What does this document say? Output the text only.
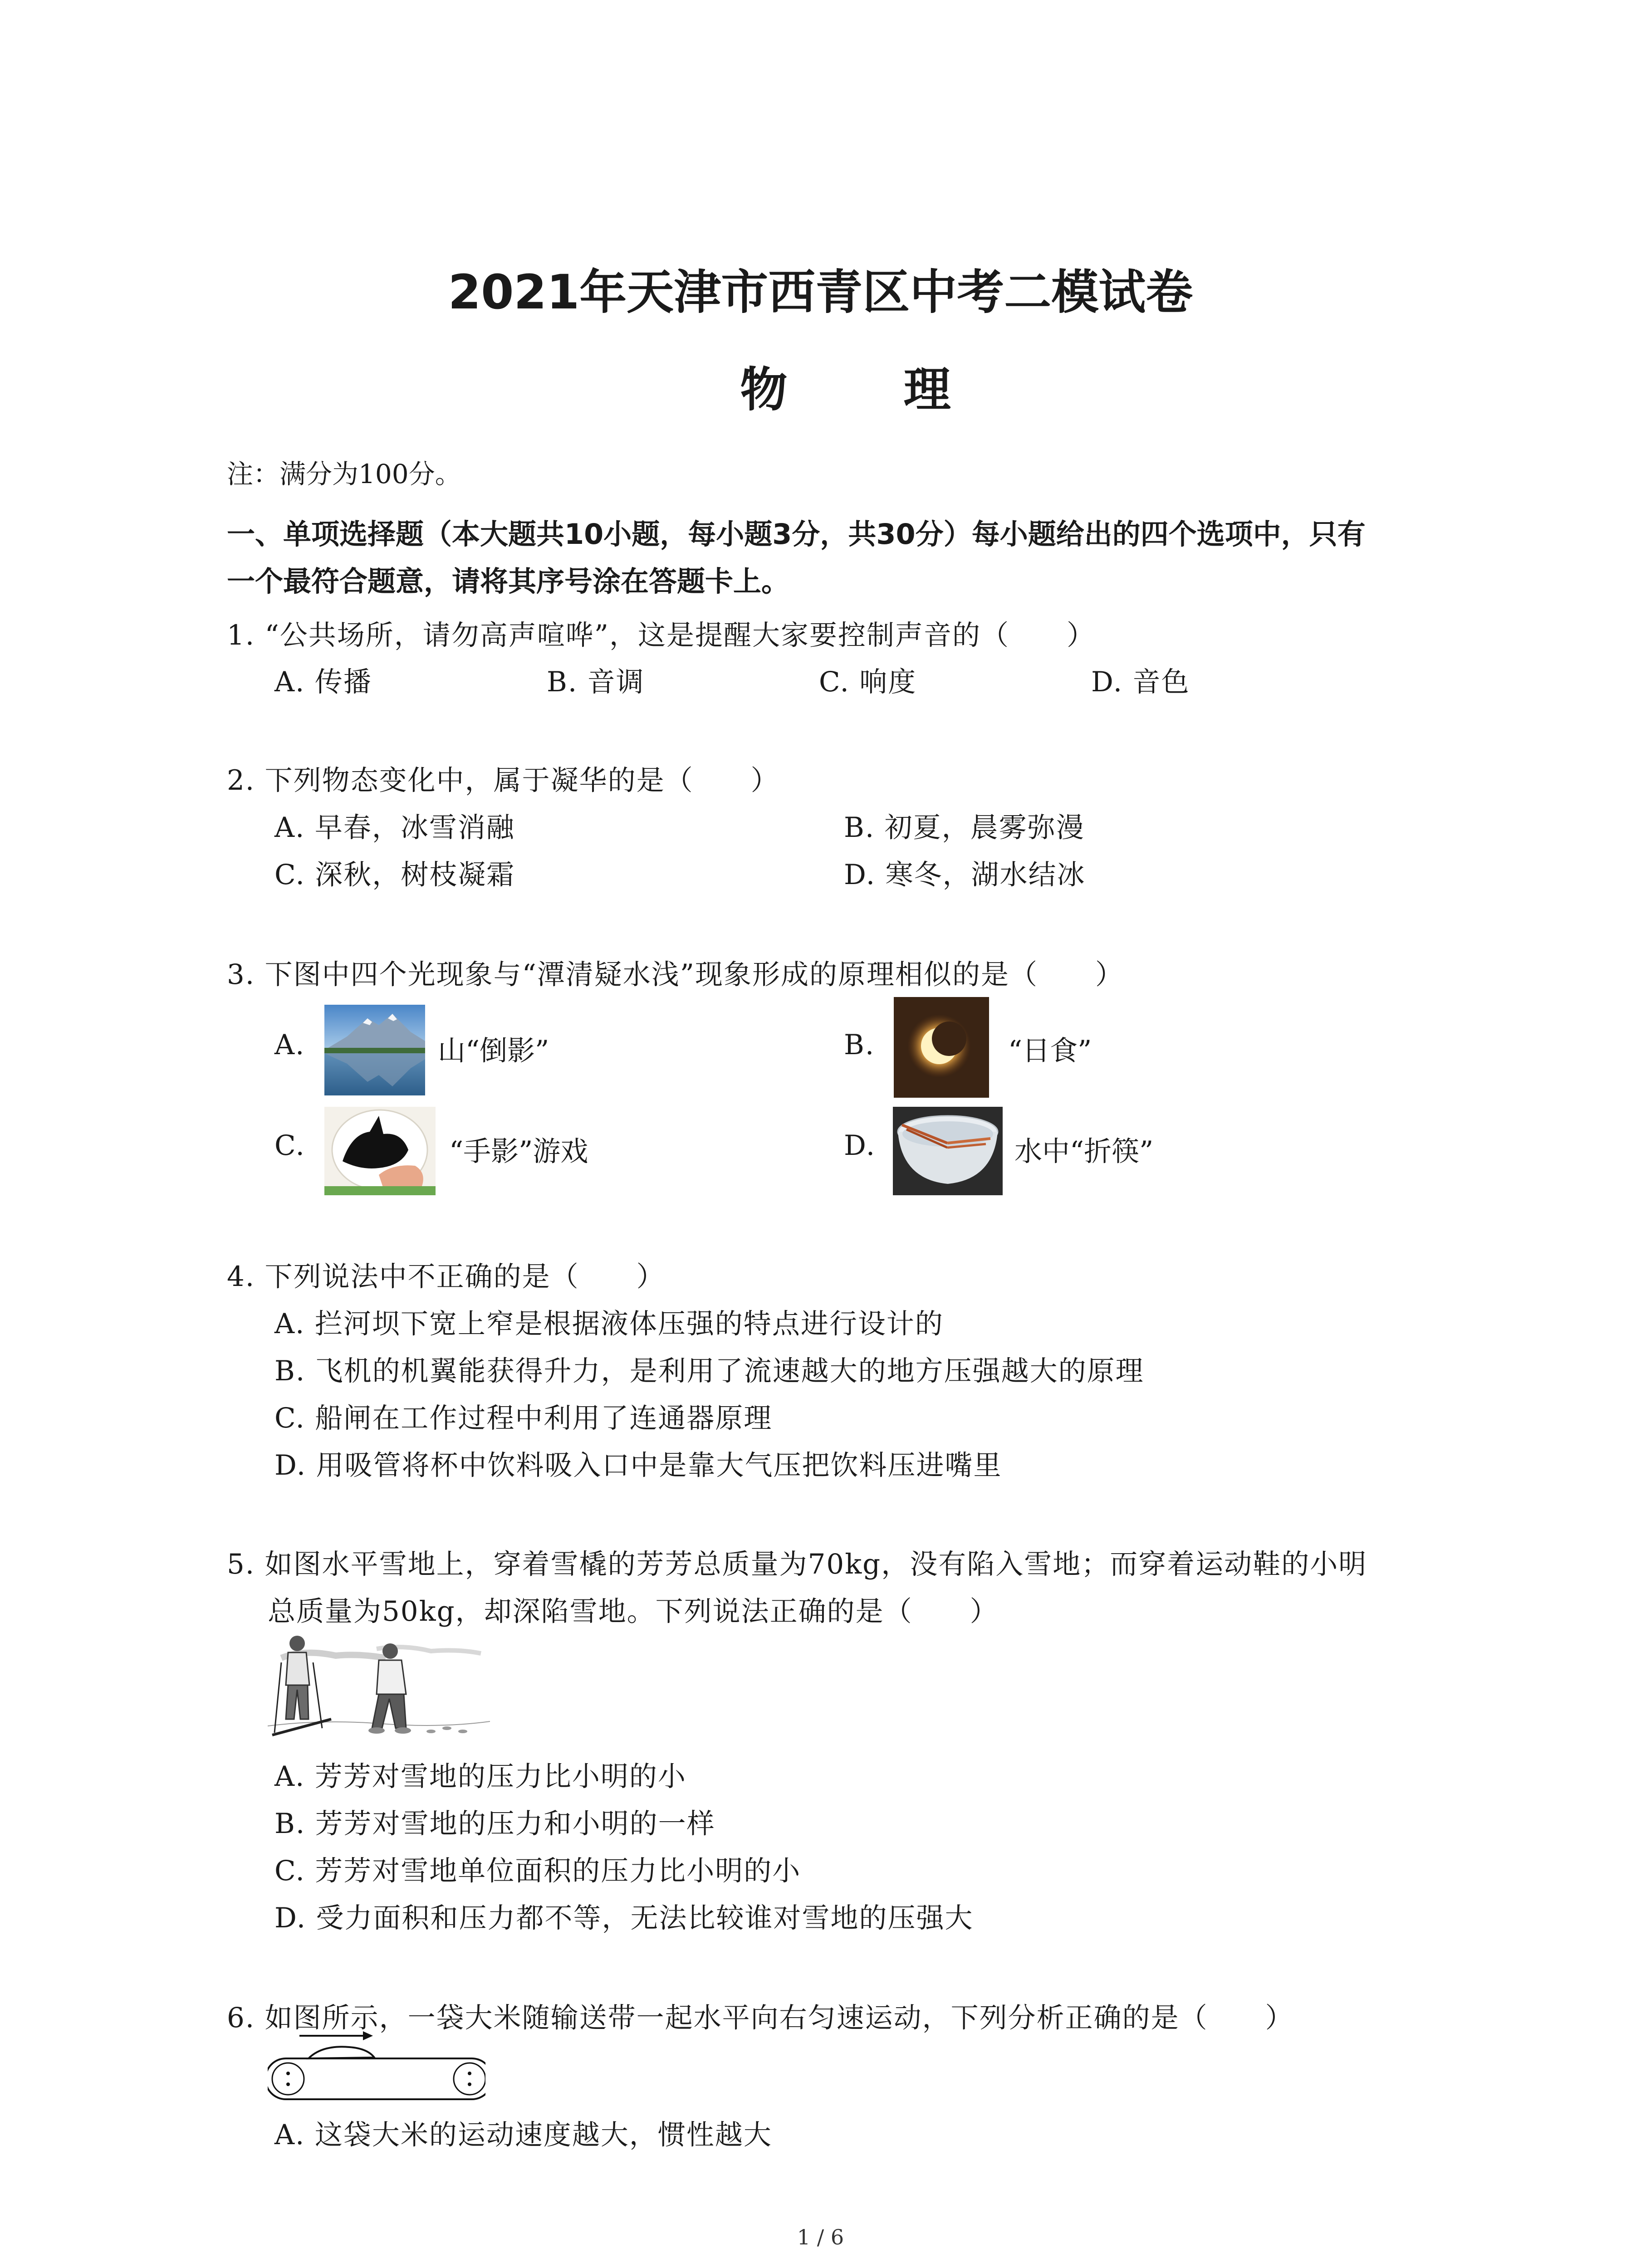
2021年天津市西青区中考二模试卷
物 理
注：满分为100分。
一、单项选择题（本大题共10小题，每小题3分，共30分）每小题给出的四个选项中，只有
一个最符合题意，请将其序号涂在答题卡上。
1. “公共场所，请勿高声喧哗”，这是提醒大家要控制声音的（　　）
A. 传播	B. 音调	C. 响度	D. 音色
2. 下列物态变化中，属于凝华的是（　　）
A. 早春，冰雪消融	B. 初夏，晨雾弥漫
C. 深秋，树枝凝霜	D. 寒冬，湖水结冰
3. 下图中四个光现象与“潭清疑水浅”现象形成的原理相似的是（　　）
A.	山“倒影”	B.	“日食”
C.	“手影”游戏	D.	水中“折筷”
4. 下列说法中不正确的是（　　）
A. 拦河坝下宽上窄是根据液体压强的特点进行设计的
B. 飞机的机翼能获得升力，是利用了流速越大的地方压强越大的原理
C. 船闸在工作过程中利用了连通器原理
D. 用吸管将杯中饮料吸入口中是靠大气压把饮料压进嘴里
5. 如图水平雪地上，穿着雪橇的芳芳总质量为70kg，没有陷入雪地；而穿着运动鞋的小明
总质量为50kg，却深陷雪地。下列说法正确的是（　　）
A. 芳芳对雪地的压力比小明的小
B. 芳芳对雪地的压力和小明的一样
C. 芳芳对雪地单位面积的压力比小明的小
D. 受力面积和压力都不等，无法比较谁对雪地的压强大
6. 如图所示，一袋大米随输送带一起水平向右匀速运动，下列分析正确的是（　　）
A. 这袋大米的运动速度越大，惯性越大
1 / 6
